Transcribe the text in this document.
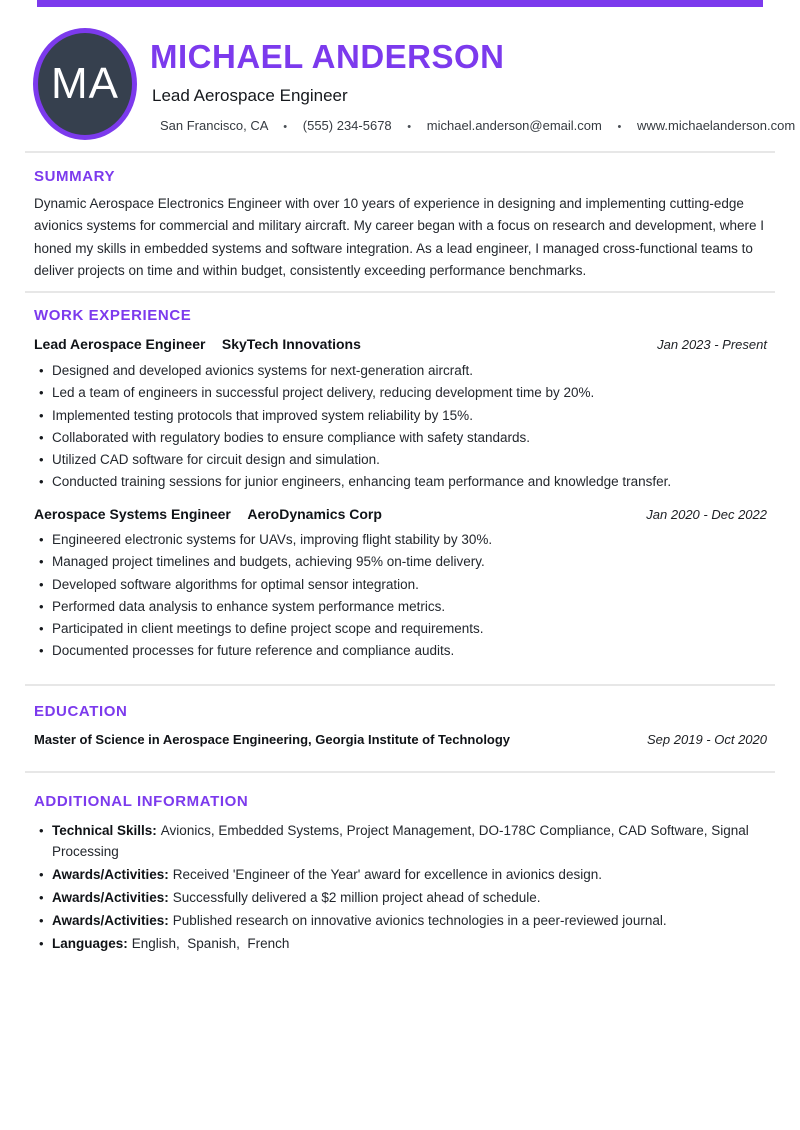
MA
MICHAEL ANDERSON
Lead Aerospace Engineer
San Francisco, CA • (555) 234-5678 • michael.anderson@email.com • www.michaelanderson.com
SUMMARY

Dynamic Aerospace Electronics Engineer with over 10 years of experience in designing and implementing cutting-edge avionics systems for commercial and military aircraft. My career began with a focus on research and development, where I honed my skills in embedded systems and software integration. As a lead engineer, I managed cross-functional teams to deliver projects on time and within budget, consistently exceeding performance benchmarks.

WORK EXPERIENCE
Lead Aerospace Engineer SkyTech Innovations	Jan 2023 - Present
• Designed and developed avionics systems for next-generation aircraft.
• Led a team of engineers in successful project delivery, reducing development time by 20%.
• Implemented testing protocols that improved system reliability by 15%.
• Collaborated with regulatory bodies to ensure compliance with safety standards.
• Utilized CAD software for circuit design and simulation.
• Conducted training sessions for junior engineers, enhancing team performance and knowledge transfer.
Aerospace Systems Engineer AeroDynamics Corp	Jan 2020 - Dec 2022
• Engineered electronic systems for UAVs, improving flight stability by 30%.
• Managed project timelines and budgets, achieving 95% on-time delivery.
• Developed software algorithms for optimal sensor integration.
• Performed data analysis to enhance system performance metrics.
• Participated in client meetings to define project scope and requirements.
• Documented processes for future reference and compliance audits.
EDUCATION
Master of Science in Aerospace Engineering, Georgia Institute of Technology	Sep 2019 - Oct 2020
ADDITIONAL INFORMATION
• Technical Skills: Avionics, Embedded Systems, Project Management, DO-178C Compliance, CAD Software, Signal Processing
• Awards/Activities: Received 'Engineer of the Year' award for excellence in avionics design.
• Awards/Activities: Successfully delivered a $2 million project ahead of schedule.
• Awards/Activities: Published research on innovative avionics technologies in a peer-reviewed journal.
• Languages: English,  Spanish,  French
